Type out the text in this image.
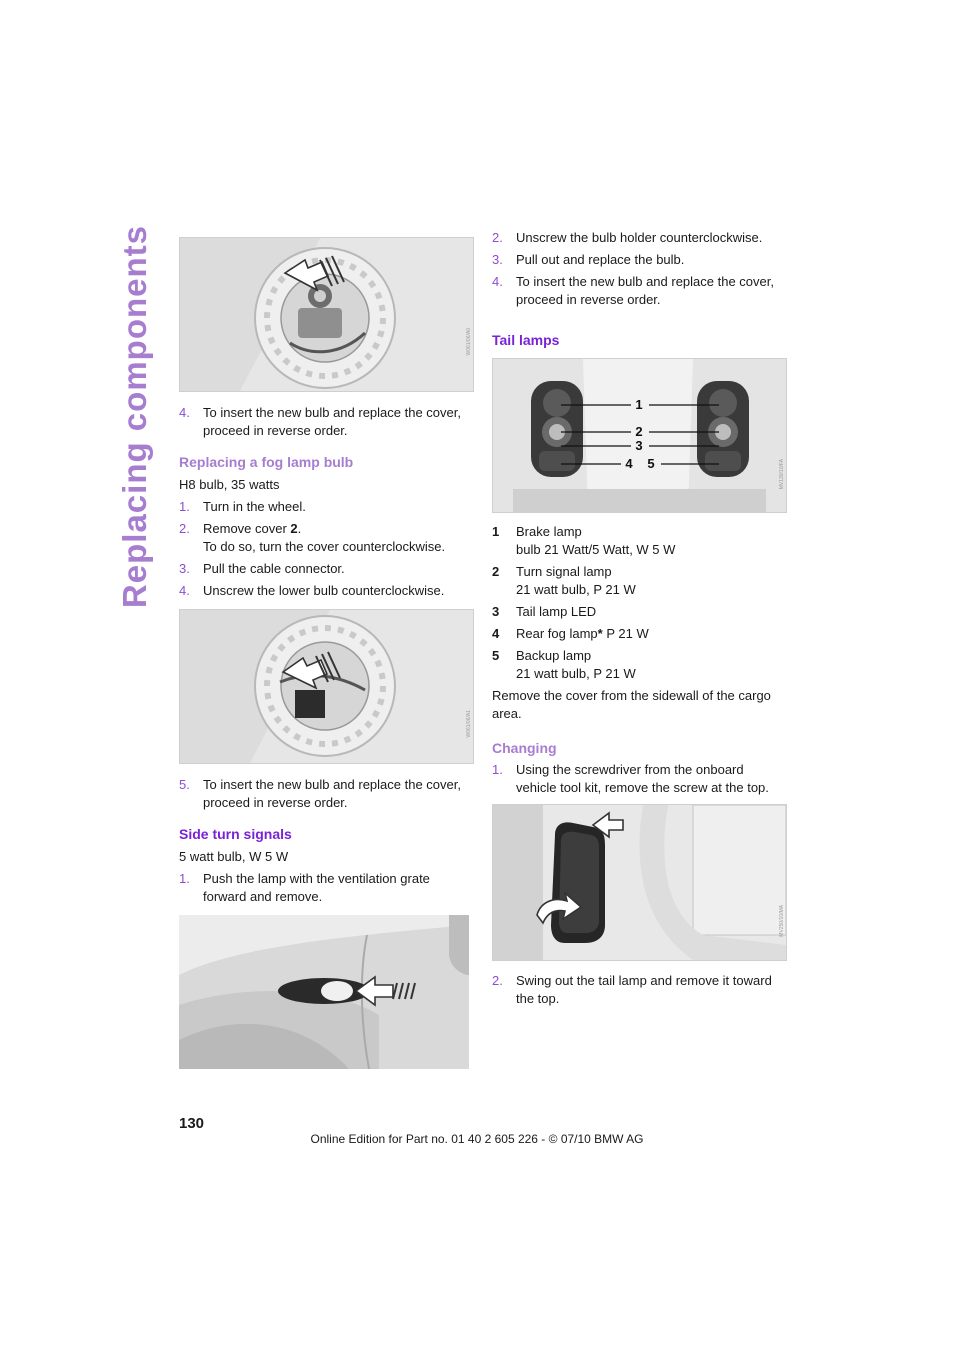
Replacing components	W061/06/A0
4.	To insert the new bulb and replace the cover, proceed in reverse order.
Replacing a fog lamp bulb

H8 bulb, 35 watts

1.	Turn in the wheel.
2.	Remove cover 2.
To do so, turn the cover counterclockwise.
3.	Pull the cable connector.
4.	Unscrew the lower bulb counterclockwise.
W061/06/A1
5.	To insert the new bulb and replace the cover, proceed in reverse order.
Side turn signals

5 watt bulb, W 5 W

1.	Push the lamp with the ventilation grate forward and remove.
2.	Unscrew the bulb holder counterclockwise.
3.	Pull out and replace the bulb.
4.	To insert the new bulb and replace the cover, proceed in reverse order.
Tail lamps
1
2
3
4 5	MV130/10/FA
1	Brake lamp
bulb 21 Watt/5 Watt, W 5 W
2	Turn signal lamp
21 watt bulb, P 21 W
3	Tail lamp LED
4	Rear fog lamp* P 21 W
5	Backup lamp
21 watt bulb, P 21 W

Remove the cover from the sidewall of the cargo area.

Changing
1.	Using the screwdriver from the onboard vehicle tool kit, remove the screw at the top.
MV250/10/MA
2.	Swing out the tail lamp and remove it toward the top.
130
Online Edition for Part no. 01 40 2 605 226 - © 07/10 BMW AG
